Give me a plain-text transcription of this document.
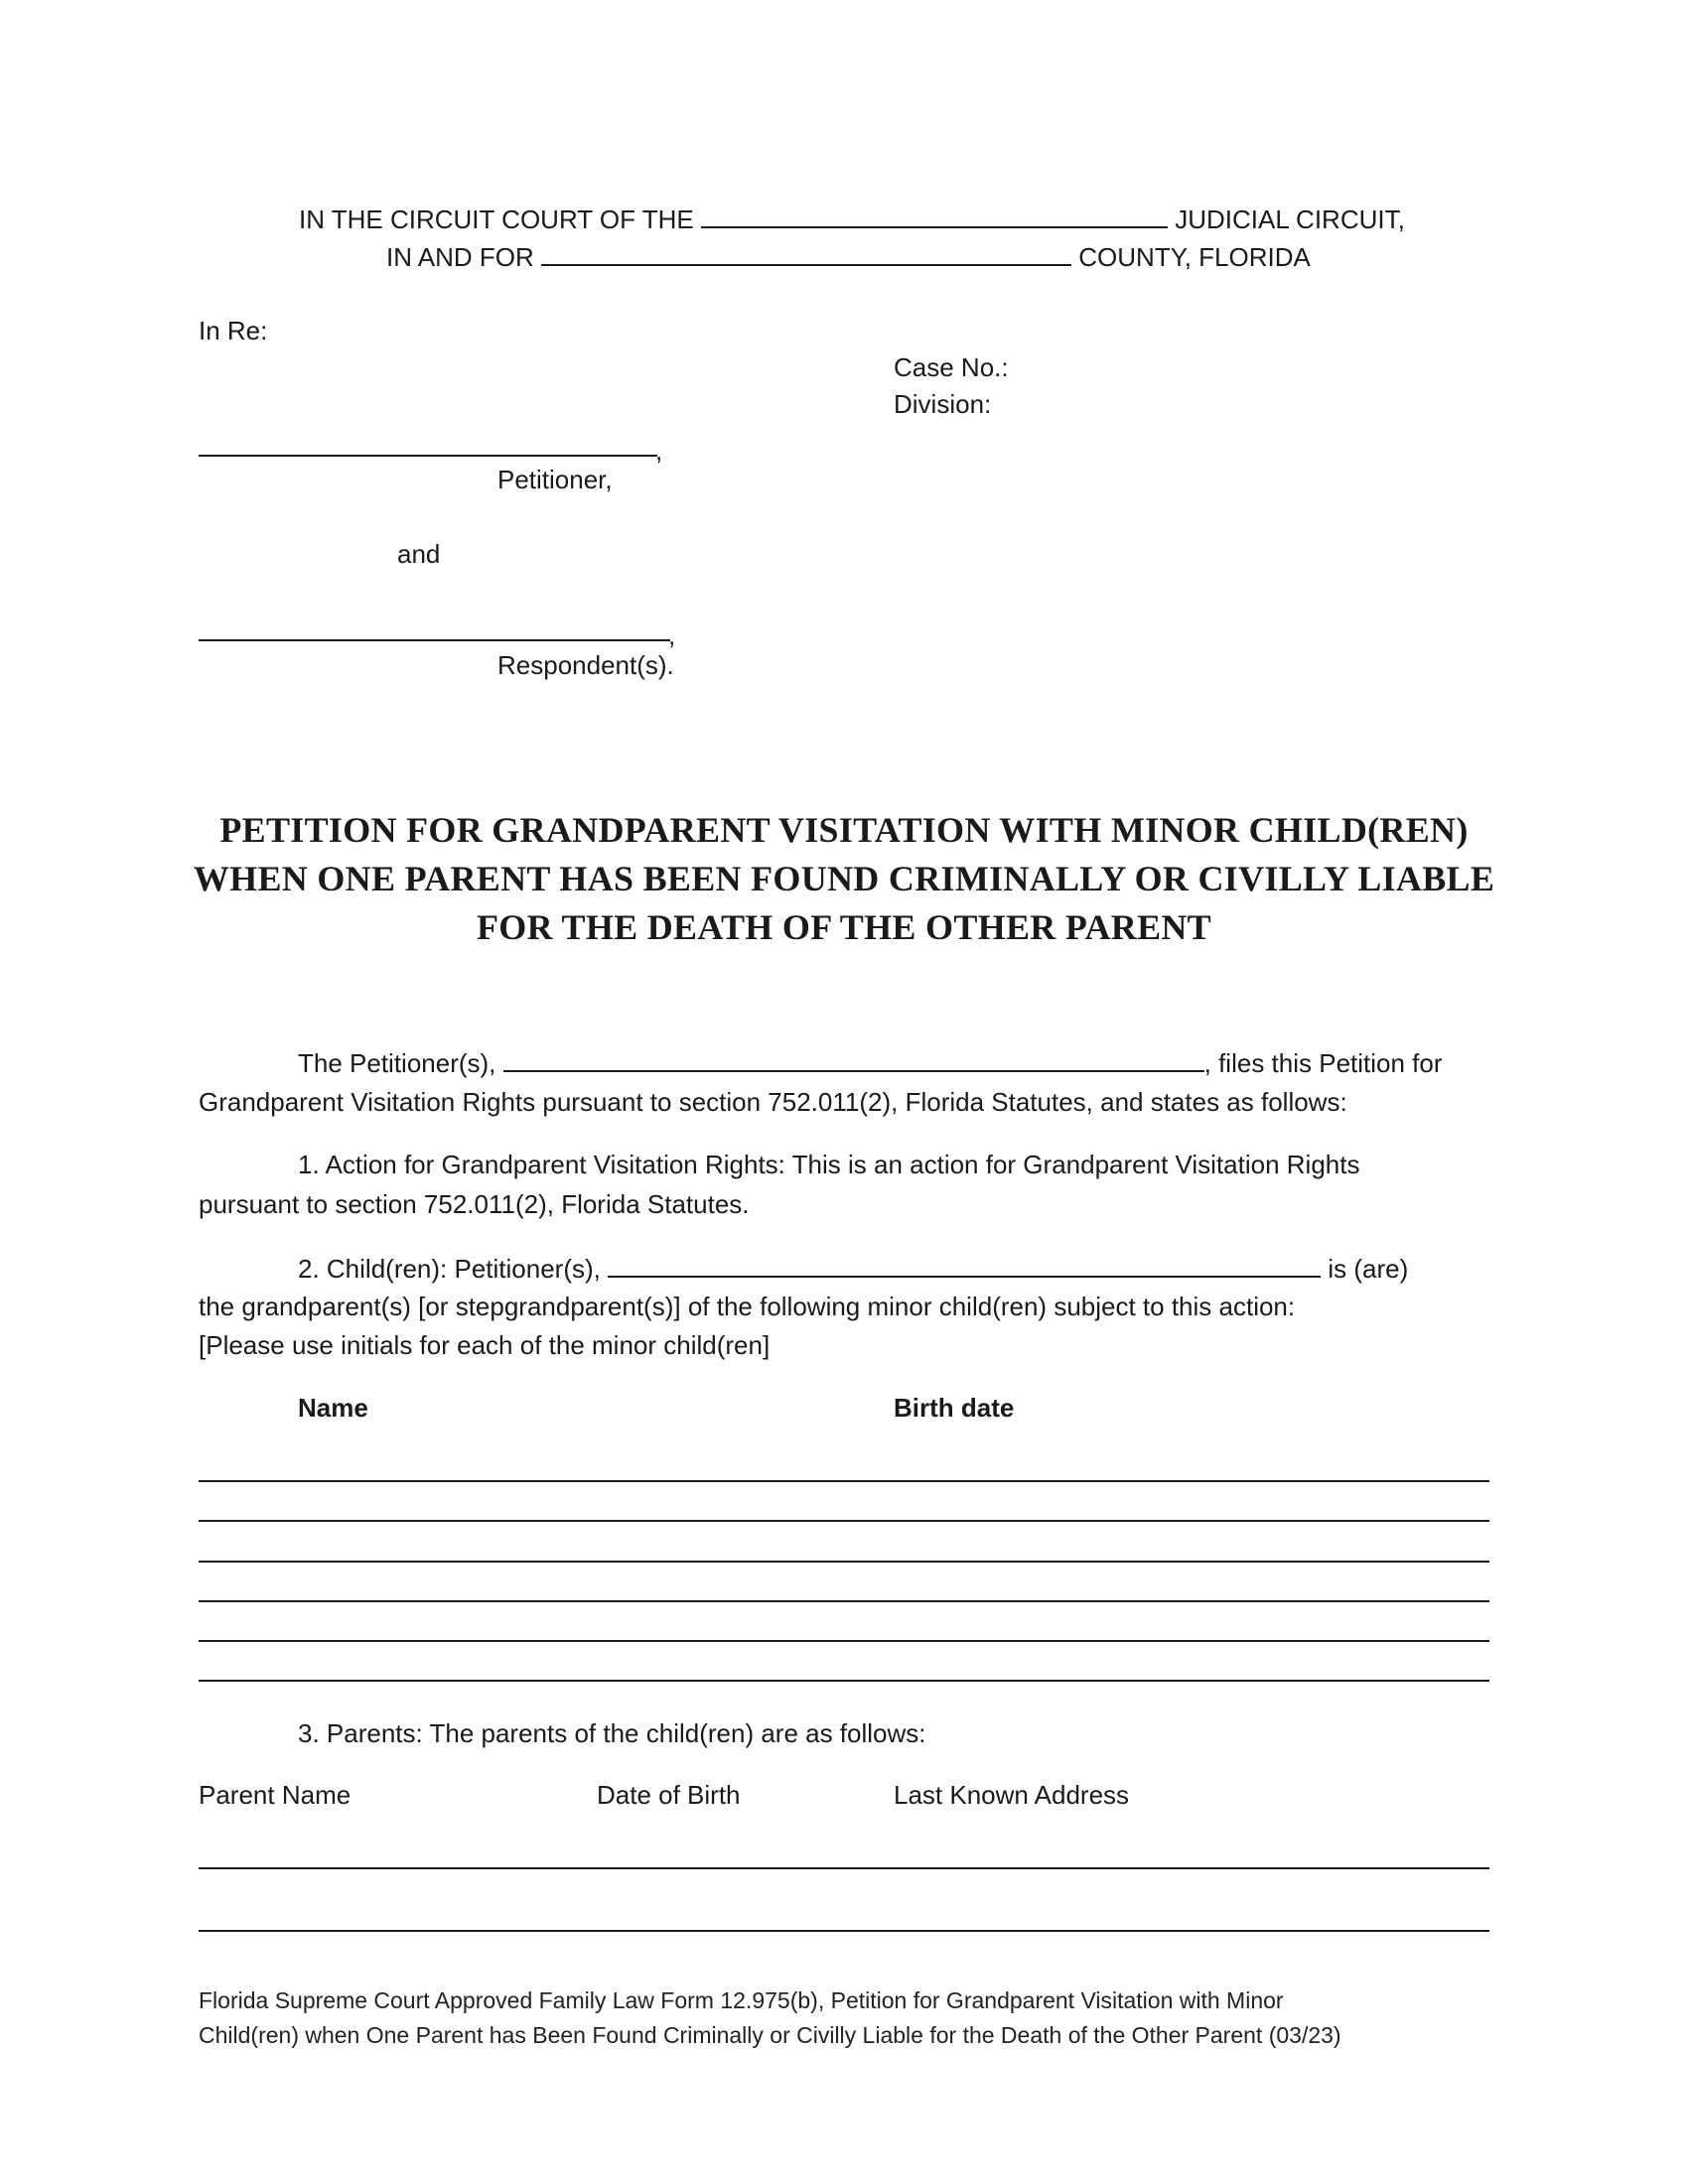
IN THE CIRCUIT COURT OF THE	JUDICIAL CIRCUIT,
IN AND FOR	COUNTY, FLORIDA
In Re:
Case No.:
Division:
,
Petitioner,
and
,
Respondent(s).
PETITION FOR GRANDPARENT VISITATION WITH MINOR CHILD(REN)
WHEN ONE PARENT HAS BEEN FOUND CRIMINALLY OR CIVILLY LIABLE
FOR THE DEATH OF THE OTHER PARENT
The Petitioner(s),	, files this Petition for
Grandparent Visitation Rights pursuant to section 752.011(2), Florida Statutes, and states as follows:
1. Action for Grandparent Visitation Rights: This is an action for Grandparent Visitation Rights
pursuant to section 752.011(2), Florida Statutes.
2. Child(ren): Petitioner(s),	is (are)
the grandparent(s) [or stepgrandparent(s)] of the following minor child(ren) subject to this action:
[Please use initials for each of the minor child(ren]
Name	Birth date
3. Parents: The parents of the child(ren) are as follows:
Parent Name	Date of Birth	Last Known Address
Florida Supreme Court Approved Family Law Form 12.975(b), Petition for Grandparent Visitation with Minor
Child(ren) when One Parent has Been Found Criminally or Civilly Liable for the Death of the Other Parent (03/23)
